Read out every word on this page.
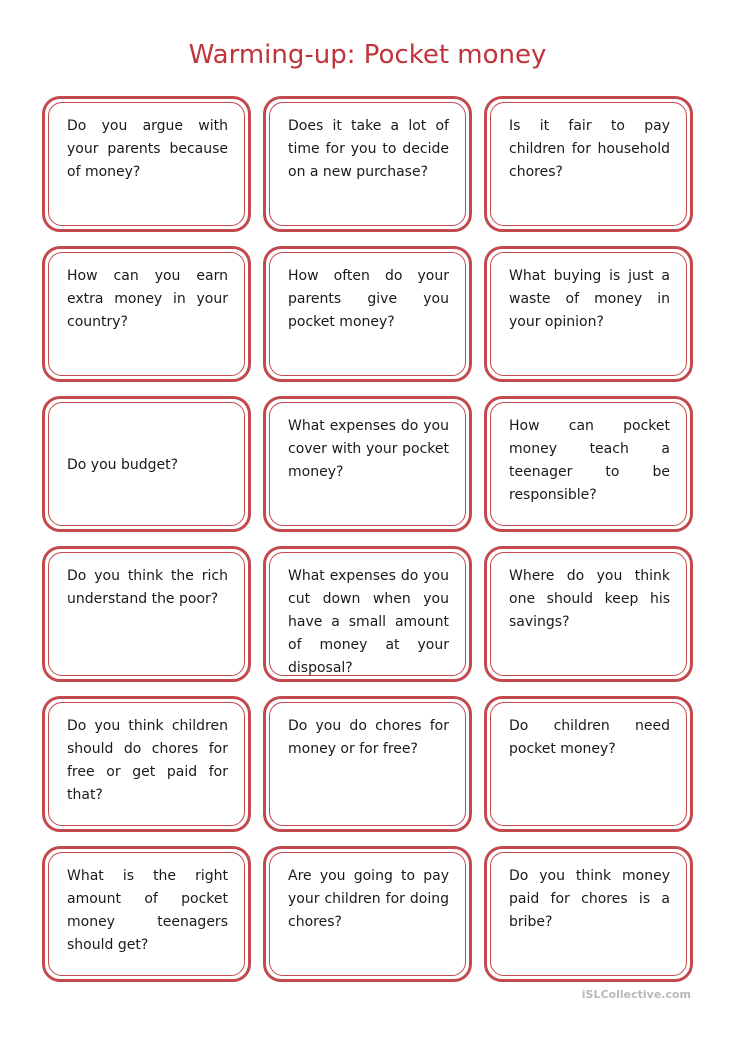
Warming-up: Pocket money
Do you argue with your parents because of money?
Does it take a lot of time for you to decide on a new purchase?
Is it fair to pay children for household chores?
How can you earn extra money in your country?
How often do your parents give you pocket money?
What buying is just a waste of money in your opinion?
Do you budget?
What expenses do you cover with your pocket money?
How can pocket money teach a teenager to be responsible?
Do you think the rich understand the poor?
What expenses do you cut down when you have a small amount of money at your disposal?
Where do you think one should keep his savings?
Do you think children should do chores for free or get paid for that?
Do you do chores for money or for free?
Do children need pocket money?
What is the right amount of pocket money teenagers should get?
Are you going to pay your children for doing chores?
Do you think money paid for chores is a bribe?
iSLCollective.com
